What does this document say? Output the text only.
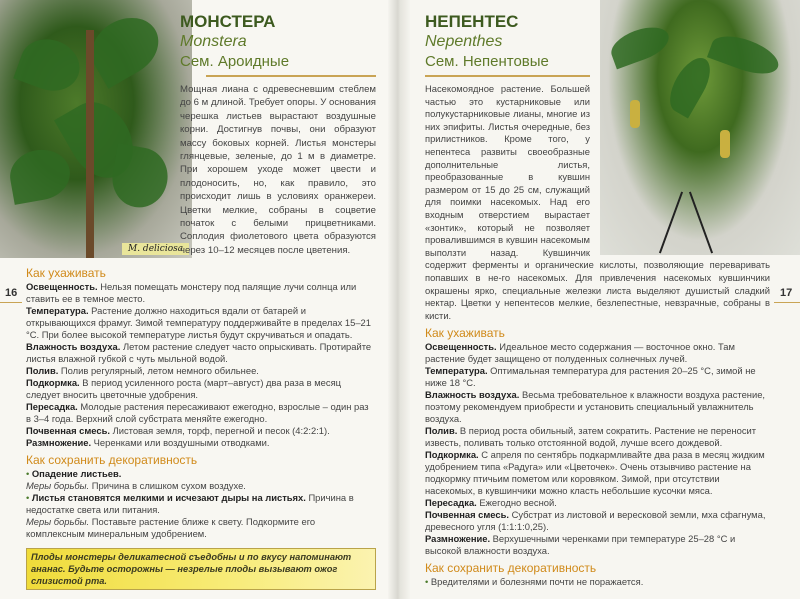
M. deliciosa
16	17
МОНСТЕРА
Monstera
Сем. Ароидные
Мощная лиана с одревесневшим стеблем до 6 м длиной. Требует опоры. У основания черешка листьев вырастают воздушные корни. Достигнув почвы, они образуют массу боковых корней. Листья монстеры глянцевые, зеленые, до 1 м в диаметре. При хорошем уходе может цвести и плодоносить, но, как правило, это происходит лишь в условиях оранжереи. Цветки мелкие, собраны в соцветие початок с белыми прицветниками. Соплодия фиолетового цвета образуются через 10–12 месяцев после цветения.
Как ухаживать
Освещенность. Нельзя помещать монстеру под палящие лучи солнца или ставить ее в темное место.
Температура. Растение должно находиться вдали от батарей и открывающихся фрамуг. Зимой температуру поддерживайте в пределах 15–21 °С. При более высокой температуре листья будут скручиваться и опадать.
Влажность воздуха. Летом растение следует часто опрыскивать. Протирайте листья влажной губкой с чуть мыльной водой.
Полив. Полив регулярный, летом немного обильнее.
Подкормка. В период усиленного роста (март–август) два раза в месяц следует вносить цветочные удобрения.
Пересадка. Молодые растения пересаживают ежегодно, взрослые – один раз в 3–4 года. Верхний слой субстрата меняйте ежегодно.
Почвенная смесь. Листовая земля, торф, перегной и песок (4:2:2:1).
Размножение. Черенками или воздушными отводками.
Как сохранить декоративность
• Опадение листьев.
Меры борьбы. Причина в слишком сухом воздухе.
• Листья становятся мелкими и исчезают дыры на листьях. Причина в недостатке света или питания.
Меры борьбы. Поставьте растение ближе к свету. Подкормите его комплексным минеральным удобрением.
Плоды монстеры деликатесной съедобны и по вкусу напоминают ананас. Будьте осторожны — незрелые плоды вызывают ожог слизистой рта.
НЕПЕНТЕС
Nepenthes
Сем. Непентовые
Насекомоядное растение. Большей частью это кустарниковые или полукустарниковые лианы, многие из них эпифиты. Листья очередные, без прилистников. Кроме того, у непентеса развиты своеобразные дополнительные листья, преобразованные в кувшин размером от 15 до 25 см, служащий для поимки насекомых. Над его входным отверстием вырастает «зонтик», который не позволяет провалившимся в кувшин насекомым выползти назад. Кувшинчик содержит ферменты и органические кислоты, позволяющие переваривать попавших в не-го насекомых. Для привлечения насекомых кувшинчики окрашены ярко, специальные железки листа выделяют душистый сладкий нектар. Цветки у непентесов мелкие, безлепестные, невзрачные, собраны в кисти.
Как ухаживать
Освещенность. Идеальное место содержания — восточное окно. Там растение будет защищено от полуденных солнечных лучей.
Температура. Оптимальная температура для растения 20–25 °С, зимой не ниже 18 °С.
Влажность воздуха. Весьма требовательное к влажности воздуха растение, поэтому рекомендуем приобрести и установить специальный увлажнитель воздуха.
Полив. В период роста обильный, затем сократить. Растение не переносит известь, поливать только отстоянной водой, лучше всего дождевой.
Подкормка. С апреля по сентябрь подкармливайте два раза в месяц жидким удобрением типа «Радуга» или «Цветочек». Очень отзывчиво растение на подкормку птичьим пометом или коровяком. Зимой, при отсутствии насекомых, в кувшинчики можно класть небольшие кусочки мяса.
Пересадка. Ежегодно весной.
Почвенная смесь. Субстрат из листовой и вересковой земли, мха сфагнума, древесного угля (1:1:1:0,25).
Размножение. Верхушечными черенками при температуре 25–28 °С и высокой влажности воздуха.
Как сохранить декоративность
• Вредителями и болезнями почти не поражается.
